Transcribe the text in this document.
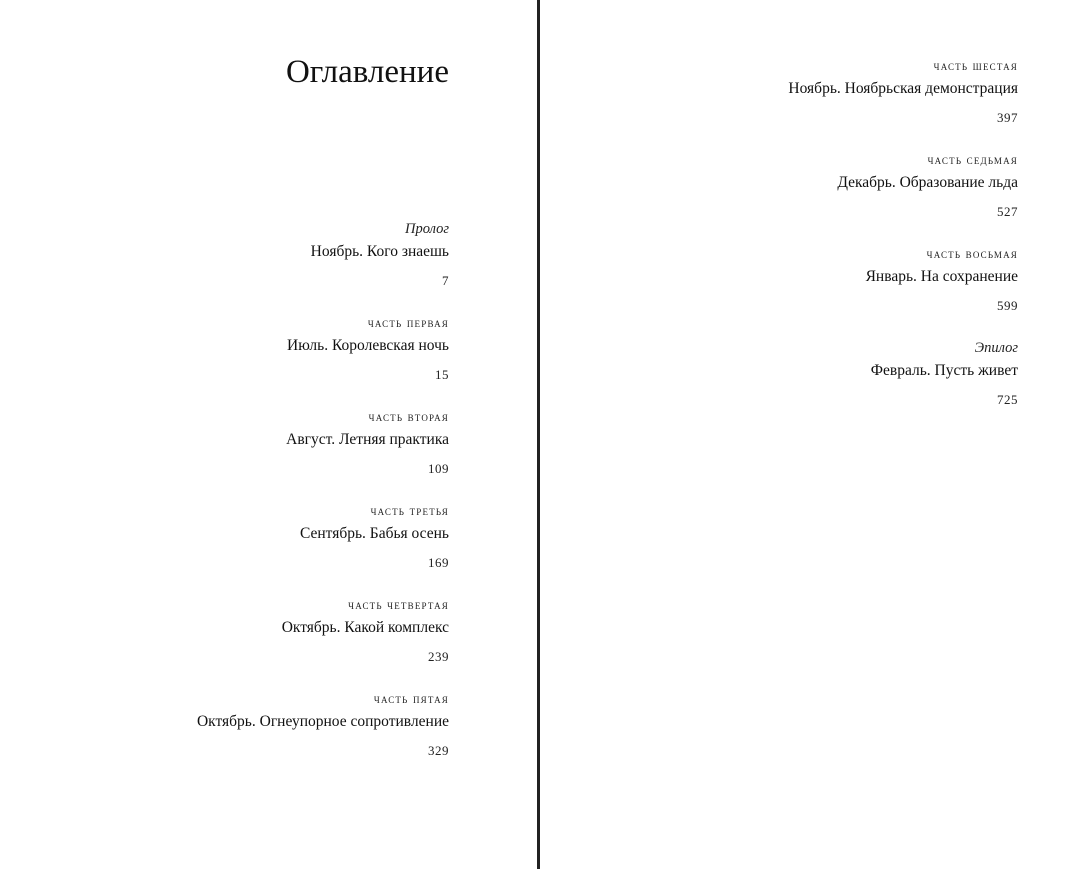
Оглавление
Пролог
Ноябрь. Кого знаешь
7
часть первая
Июль. Королевская ночь
15
часть вторая
Август. Летняя практика
109
часть третья
Сентябрь. Бабья осень
169
часть четвертая
Октябрь. Какой комплекс
239
часть пятая
Октябрь. Огнеупорное сопротивление
329
часть шестая
Ноябрь. Ноябрьская демонстрация
397
часть седьмая
Декабрь. Образование льда
527
часть восьмая
Январь. На сохранение
599
Эпилог
Февраль. Пусть живет
725
